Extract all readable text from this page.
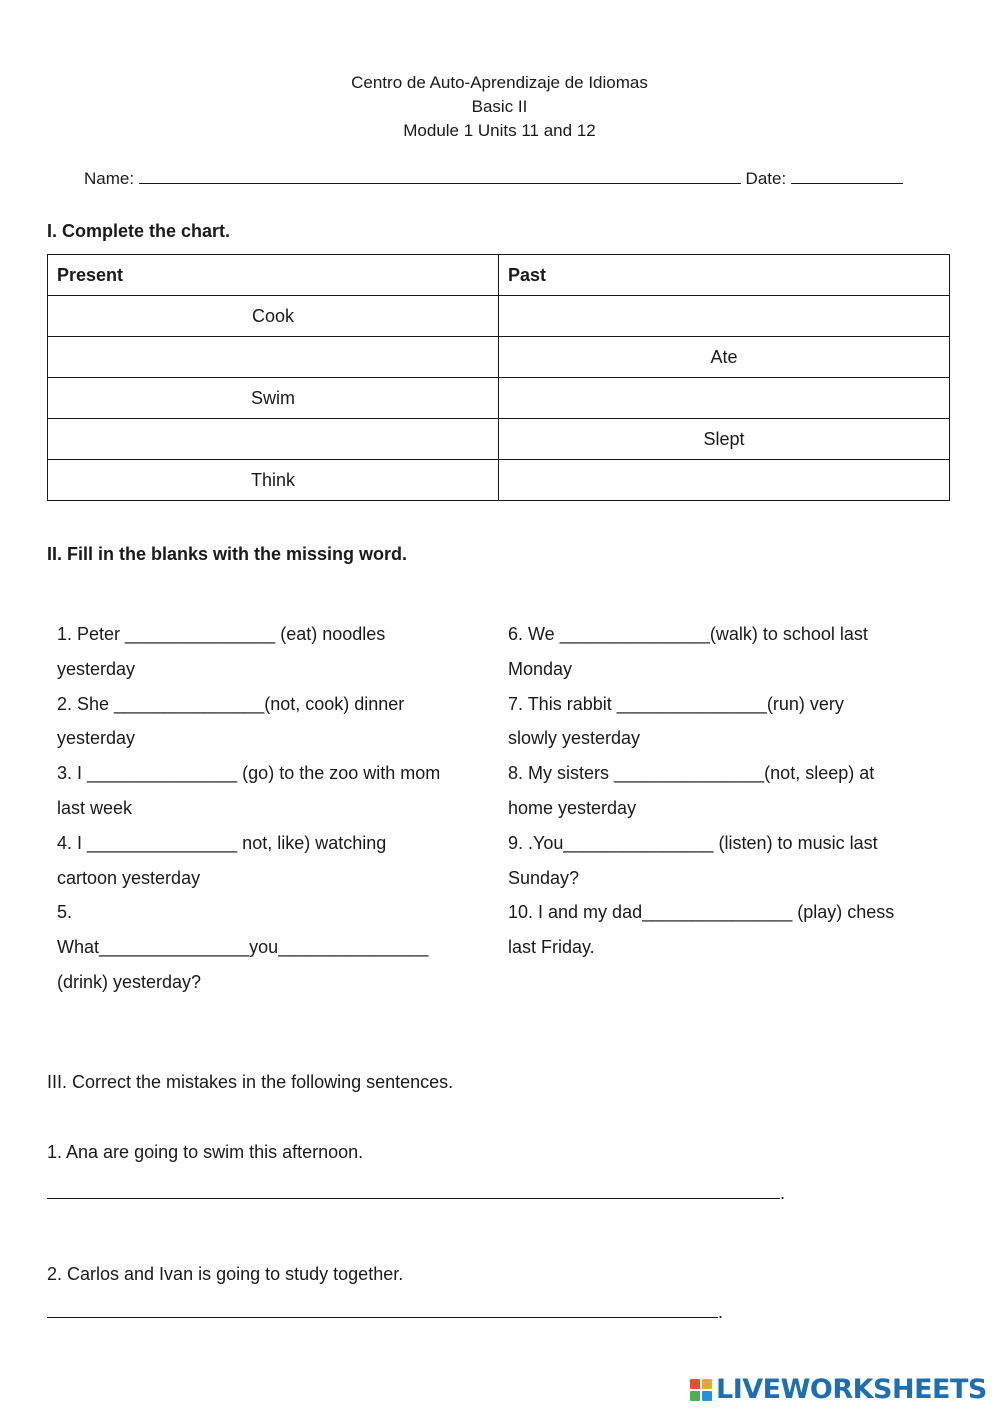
Centro de Auto-Aprendizaje de Idiomas
Basic II
Module 1 Units 11 and 12
Name:	Date:
I. Complete the chart.
Present	Past
Cook	
	Ate
Swim	
	Slept
Think	
II. Fill in the blanks with the missing word.

1. Peter _______________ (eat) noodles

yesterday

2. She _______________(not, cook) dinner

yesterday

3. I _______________ (go) to the zoo with mom

last week

4. I _______________ not, like) watching

cartoon yesterday

5.

What_______________you_______________

(drink) yesterday?

6. We _______________(walk) to school last

Monday

7. This rabbit _______________(run) very

slowly yesterday

8. My sisters _______________(not, sleep) at

home yesterday

9. .You_______________ (listen) to music last

Sunday?

10. I and my dad_______________ (play) chess

last Friday.

III. Correct the mistakes in the following sentences.
1. Ana are going to swim this afternoon.
.
2. Carlos and Ivan is going to study together.
.
LIVEWORKSHEETS
